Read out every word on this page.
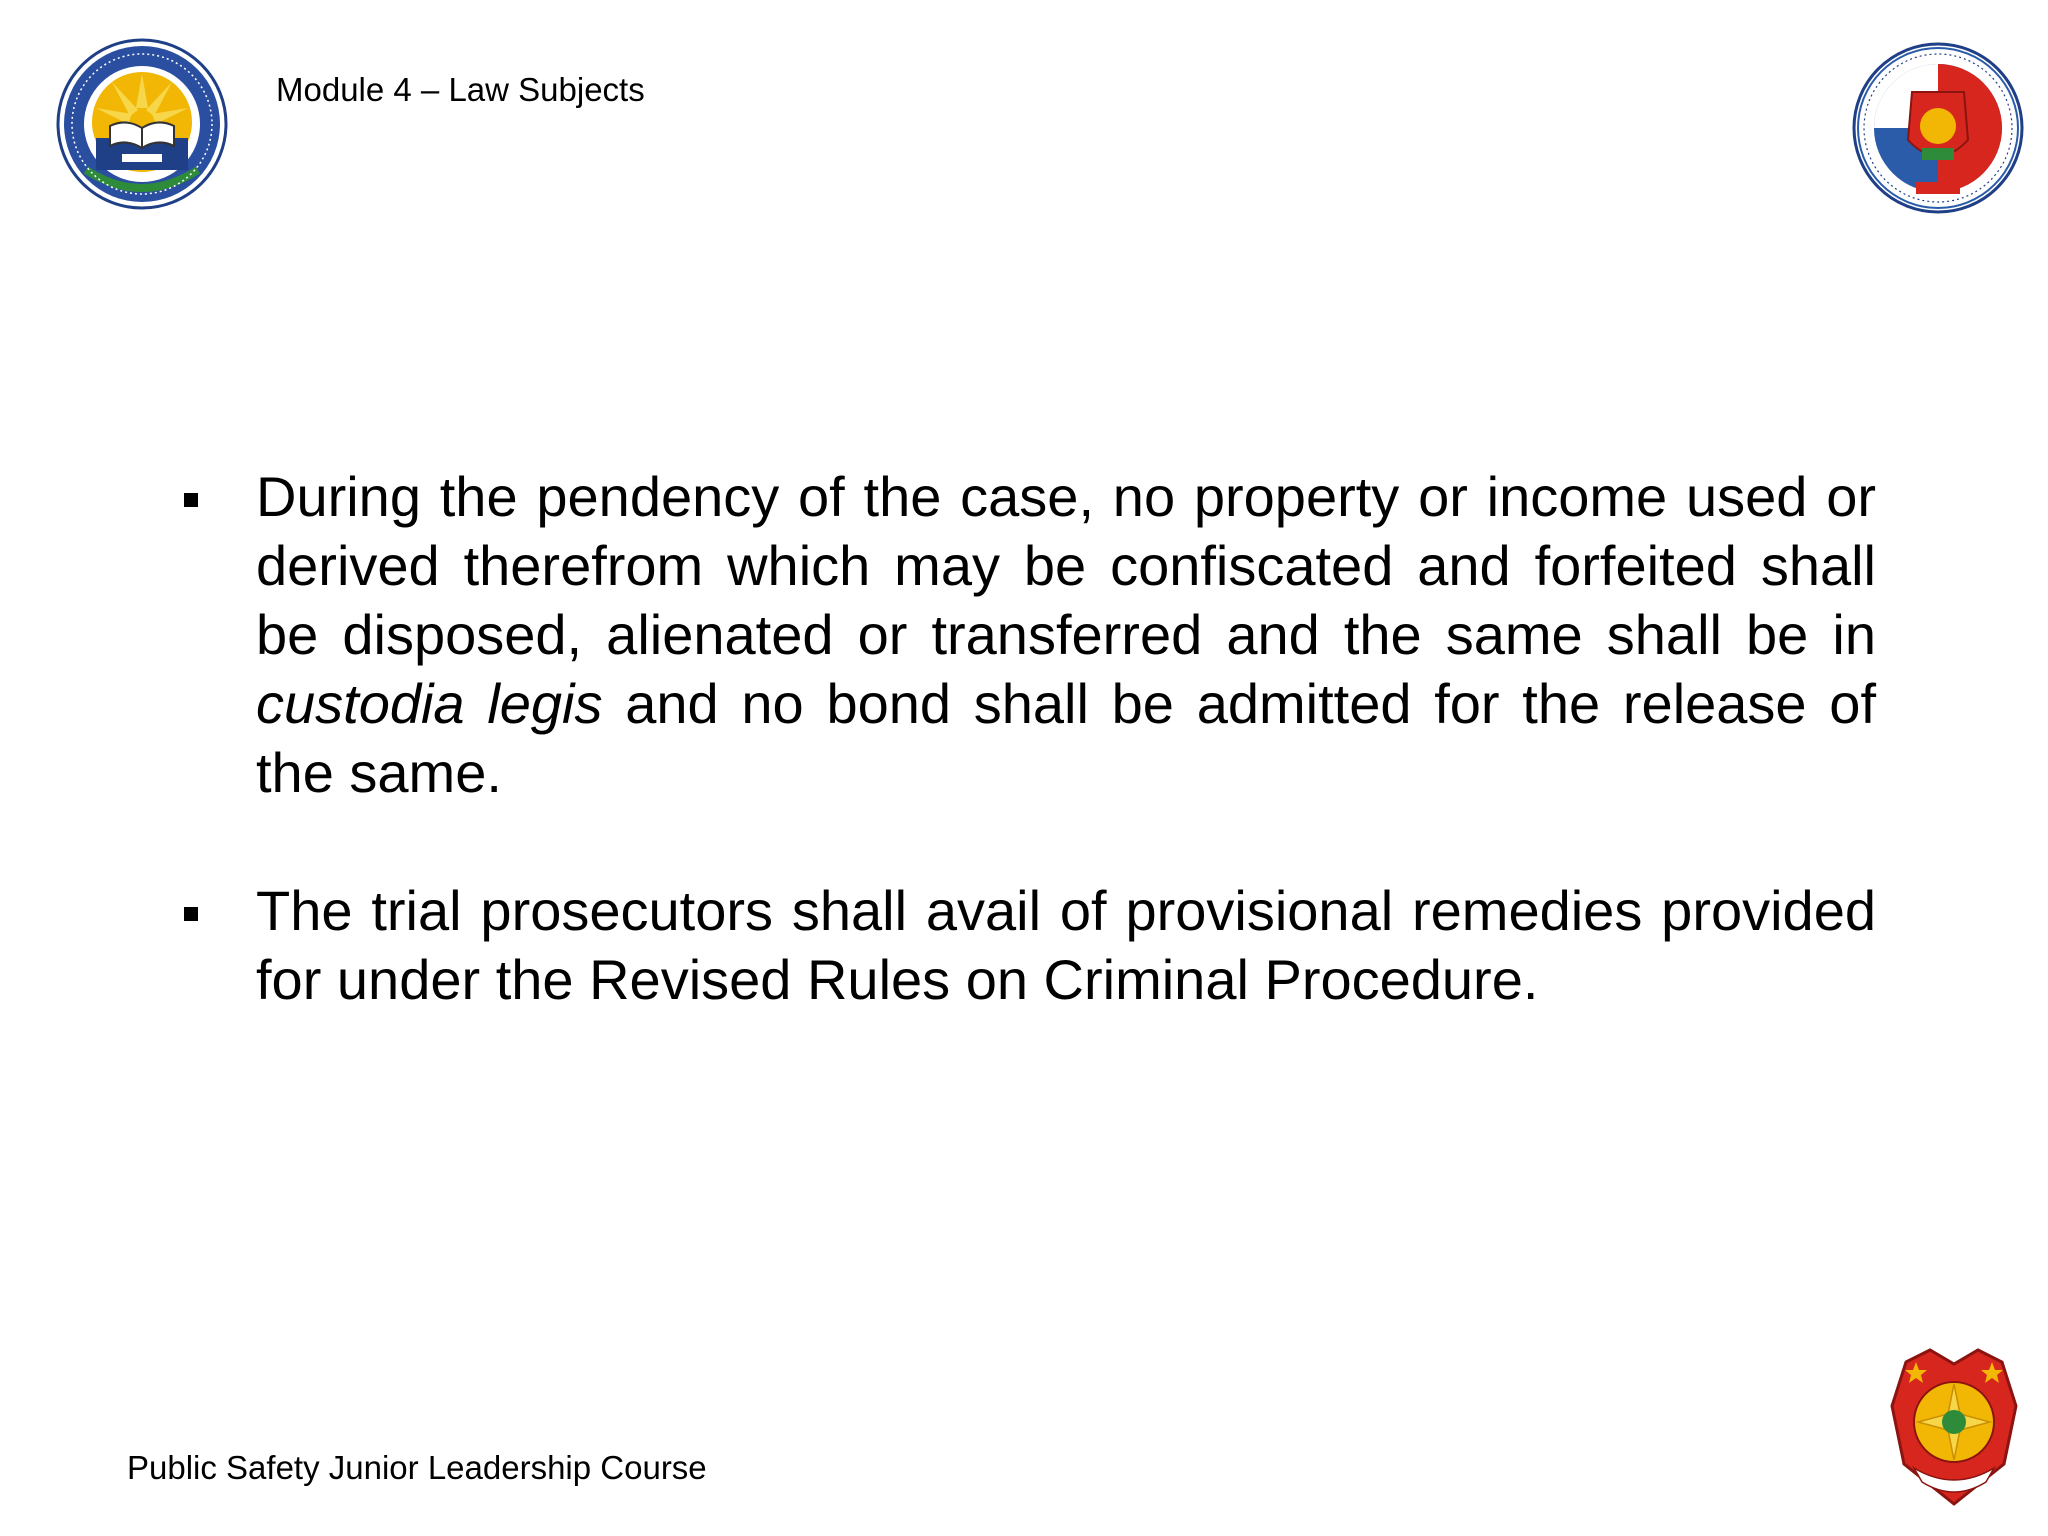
Module 4 – Law Subjects
During the pendency of the case, no property or income used or derived therefrom which may be confiscated and forfeited shall be disposed, alienated or transferred and the same shall be in custodia legis and no bond shall be admitted for the release of the same.
The trial prosecutors shall avail of provisional remedies provided for under the Revised Rules on Criminal Procedure.
Public Safety Junior Leadership Course
